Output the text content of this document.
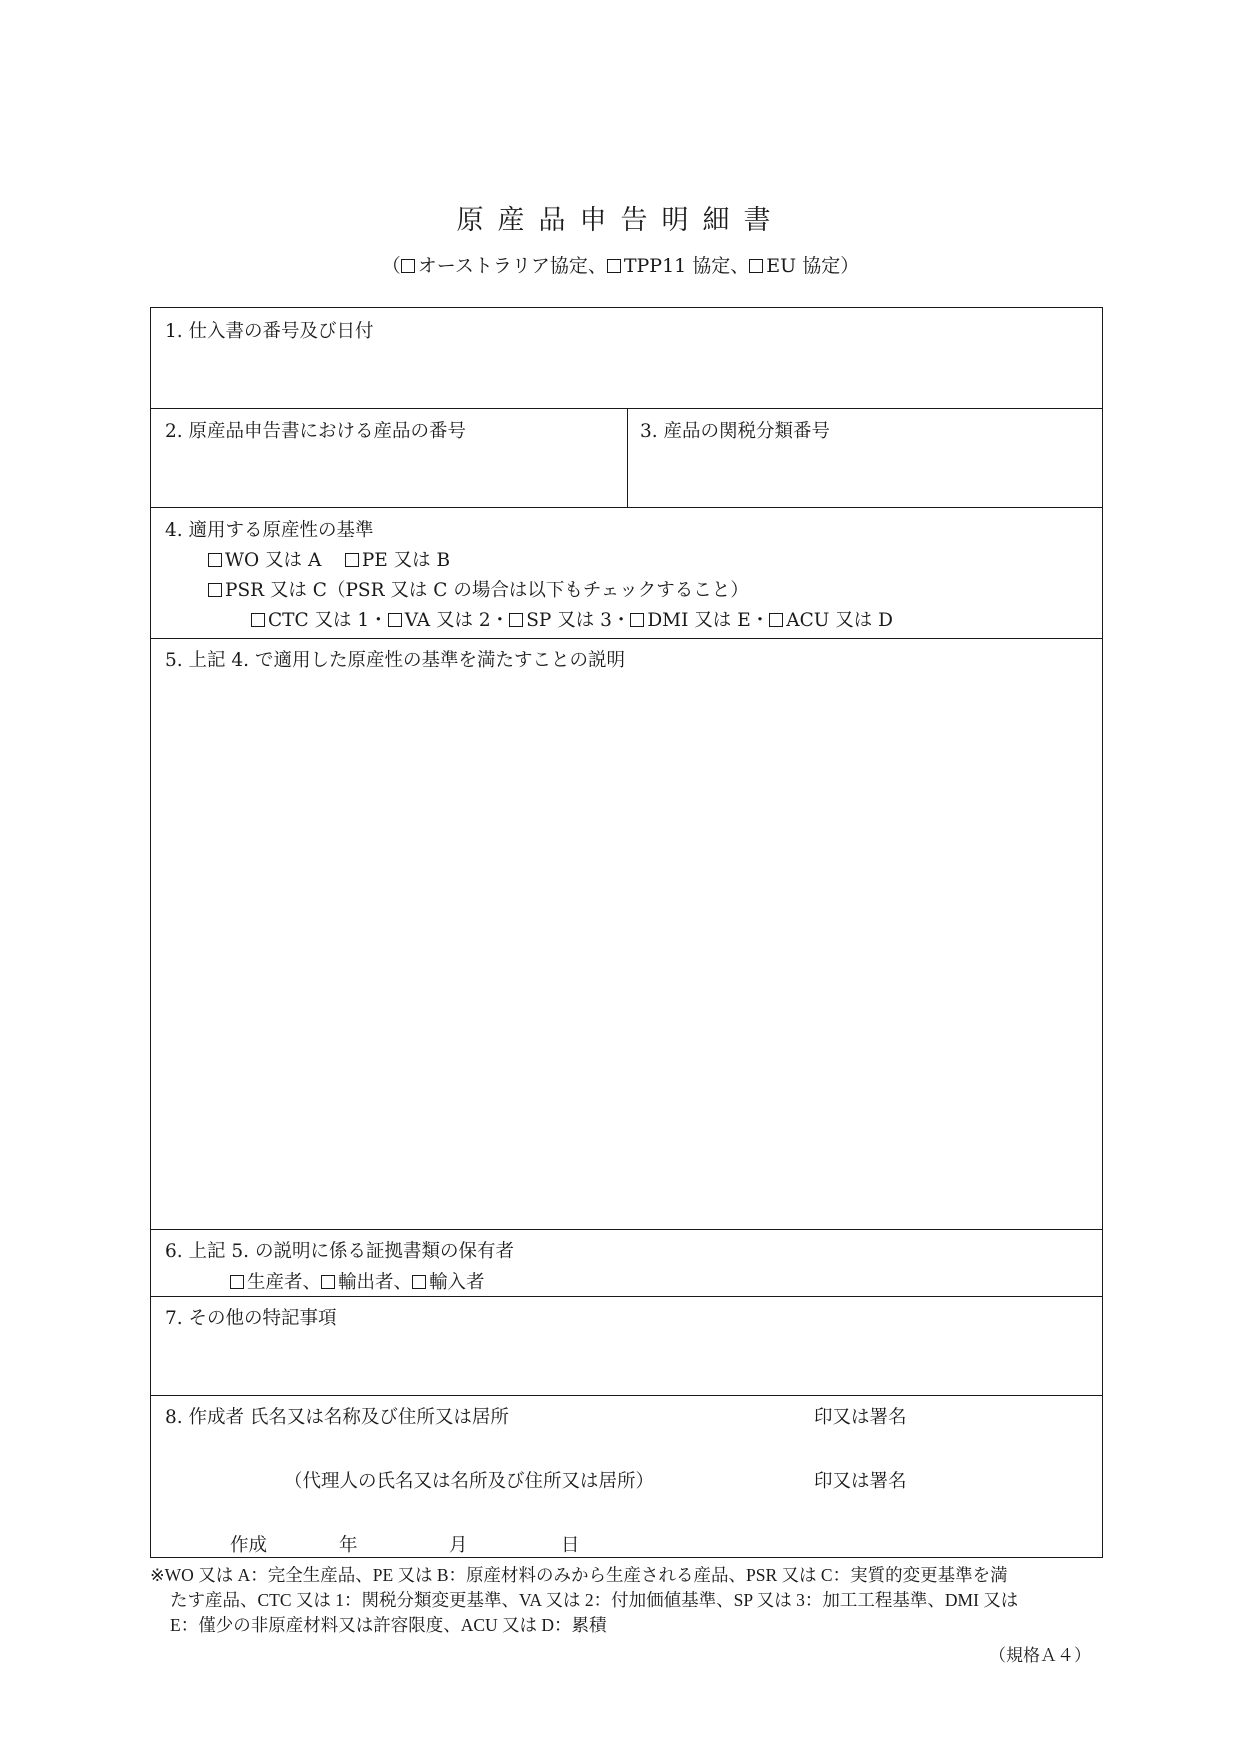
原産品申告明細書
（ オーストラリア協定、 TPP11 協定、 EU 協定）
1. 仕入書の番号及び日付
2. 原産品申告書における産品の番号	3. 産品の関税分類番号
4. 適用する原産性の基準
WO 又は A PE 又は B
PSR 又は C（PSR 又は C の場合は以下もチェックすること）
CTC 又は 1・ VA 又は 2・ SP 又は 3・ DMI 又は E・ ACU 又は D
5. 上記 4. で適用した原産性の基準を満たすことの説明
6. 上記 5. の説明に係る証拠書類の保有者
生産者、 輸出者、 輸入者
7. その他の特記事項
8. 作成者 氏名又は名称及び住所又は居所	印又は署名
（代理人の氏名又は名所及び住所又は居所）	印又は署名
作成	年	月	日
※WO 又は A：完全生産品、PE 又は B：原産材料のみから生産される産品、PSR 又は C：実質的変更基準を満
たす産品、CTC 又は 1：関税分類変更基準、VA 又は 2：付加価値基準、SP 又は 3：加工工程基準、DMI 又は
E：僅少の非原産材料又は許容限度、ACU 又は D：累積
（規格Ａ４）
